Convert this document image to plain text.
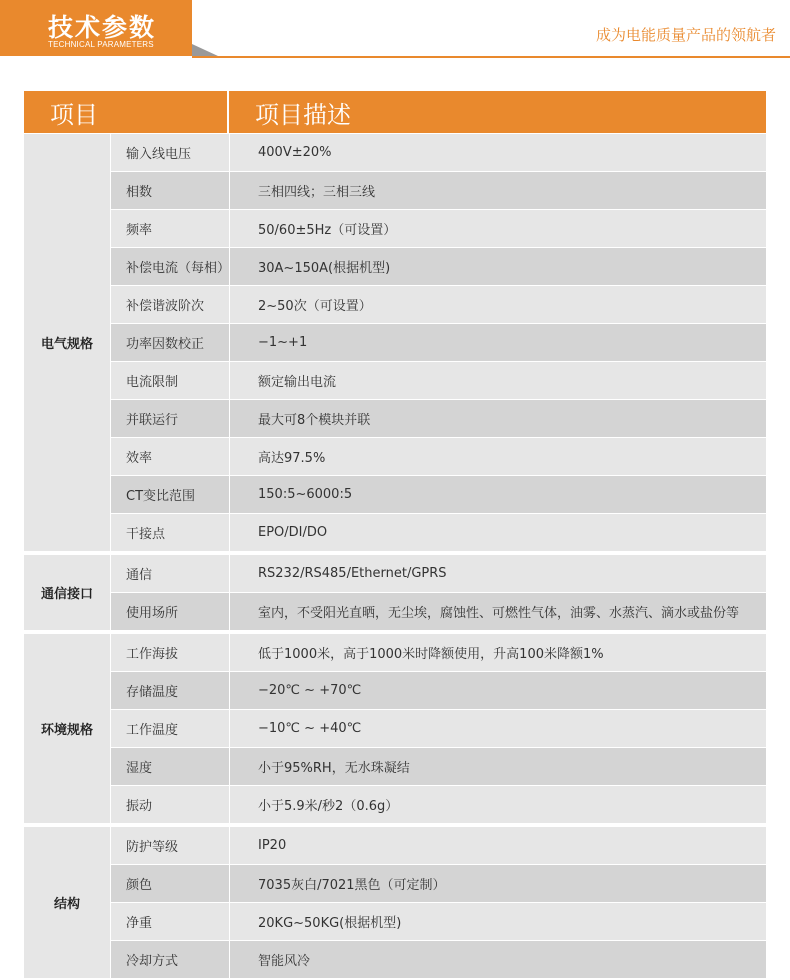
技术参数
TECHNICAL PARAMETERS
成为电能质量产品的领航者
项目		项目描述
电气规格	输入线电压	400V±20%
	相数	三相四线；三相三线
	频率	50/60±5Hz（可设置）
	补偿电流（每相）	30A~150A(根据机型)
	补偿谐波阶次	2~50次（可设置）
	功率因数校正	−1~+1
	电流限制	额定输出电流
	并联运行	最大可8个模块并联
	效率	高达97.5%
	CT变比范围	150:5~6000:5
	干接点	EPO/DI/DO
通信接口	通信	RS232/RS485/Ethernet/GPRS
	使用场所	室内，不受阳光直晒，无尘埃，腐蚀性、可燃性气体，油雾、水蒸汽、滴水或盐份等
环境规格	工作海拔	低于1000米，高于1000米时降额使用，升高100米降额1%
	存储温度	−20℃ ~ +70℃
	工作温度	−10℃ ~ +40℃
	湿度	小于95%RH，无水珠凝结
	振动	小于5.9米/秒2（0.6g）
结构	防护等级	IP20
	颜色	7035灰白/7021黑色（可定制）
	净重	20KG~50KG(根据机型)
	冷却方式	智能风冷
